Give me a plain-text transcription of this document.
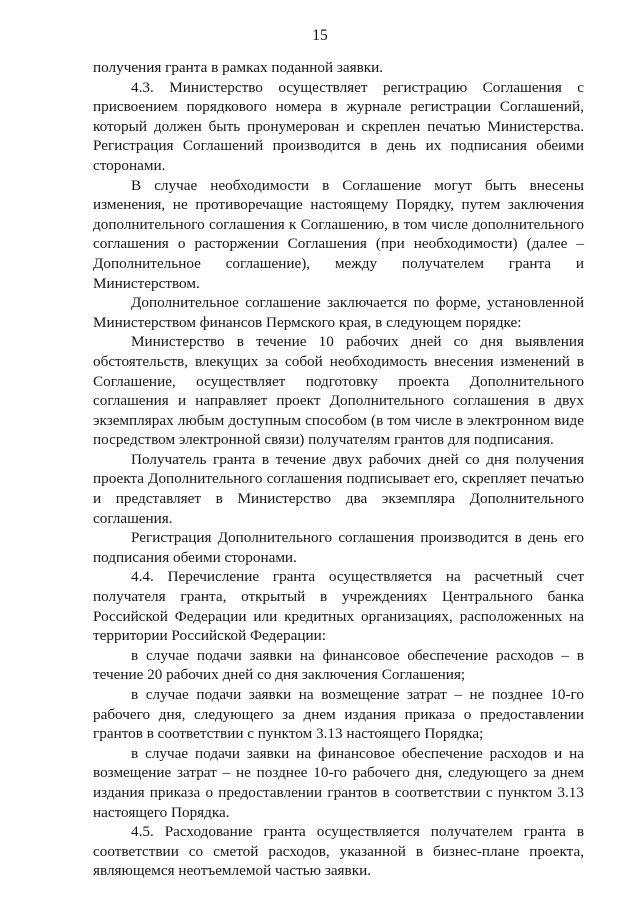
15

получения гранта в рамках поданной заявки.

4.3. Министерство осуществляет регистрацию Соглашения с присвоением порядкового номера в журнале регистрации Соглашений, который должен быть пронумерован и скреплен печатью Министерства. Регистрация Соглашений производится в день их подписания обеими сторонами.

В случае необходимости в Соглашение могут быть внесены изменения, не противоречащие настоящему Порядку, путем заключения дополнительного соглашения к Соглашению, в том числе дополнительного соглашения о расторжении Соглашения (при необходимости) (далее – Дополнительное соглашение), между получателем гранта и Министерством.

Дополнительное соглашение заключается по форме, установленной Министерством финансов Пермского края, в следующем порядке:

Министерство в течение 10 рабочих дней со дня выявления обстоятельств, влекущих за собой необходимость внесения изменений в Соглашение, осуществляет подготовку проекта Дополнительного соглашения и направляет проект Дополнительного соглашения в двух экземплярах любым доступным способом (в том числе в электронном виде посредством электронной связи) получателям грантов для подписания.

Получатель гранта в течение двух рабочих дней со дня получения проекта Дополнительного соглашения подписывает его, скрепляет печатью и представляет в Министерство два экземпляра Дополнительного соглашения.

Регистрация Дополнительного соглашения производится в день его подписания обеими сторонами.

4.4. Перечисление гранта осуществляется на расчетный счет получателя гранта, открытый в учреждениях Центрального банка Российской Федерации или кредитных организациях, расположенных на территории Российской Федерации:

в случае подачи заявки на финансовое обеспечение расходов – в течение 20 рабочих дней со дня заключения Соглашения;

в случае подачи заявки на возмещение затрат – не позднее 10-го рабочего дня, следующего за днем издания приказа о предоставлении грантов в соответствии с пунктом 3.13 настоящего Порядка;

в случае подачи заявки на финансовое обеспечение расходов и на возмещение затрат – не позднее 10-го рабочего дня, следующего за днем издания приказа о предоставлении грантов в соответствии с пунктом 3.13 настоящего Порядка.

4.5. Расходование гранта осуществляется получателем гранта в соответствии со сметой расходов, указанной в бизнес-плане проекта, являющемся неотъемлемой частью заявки.
